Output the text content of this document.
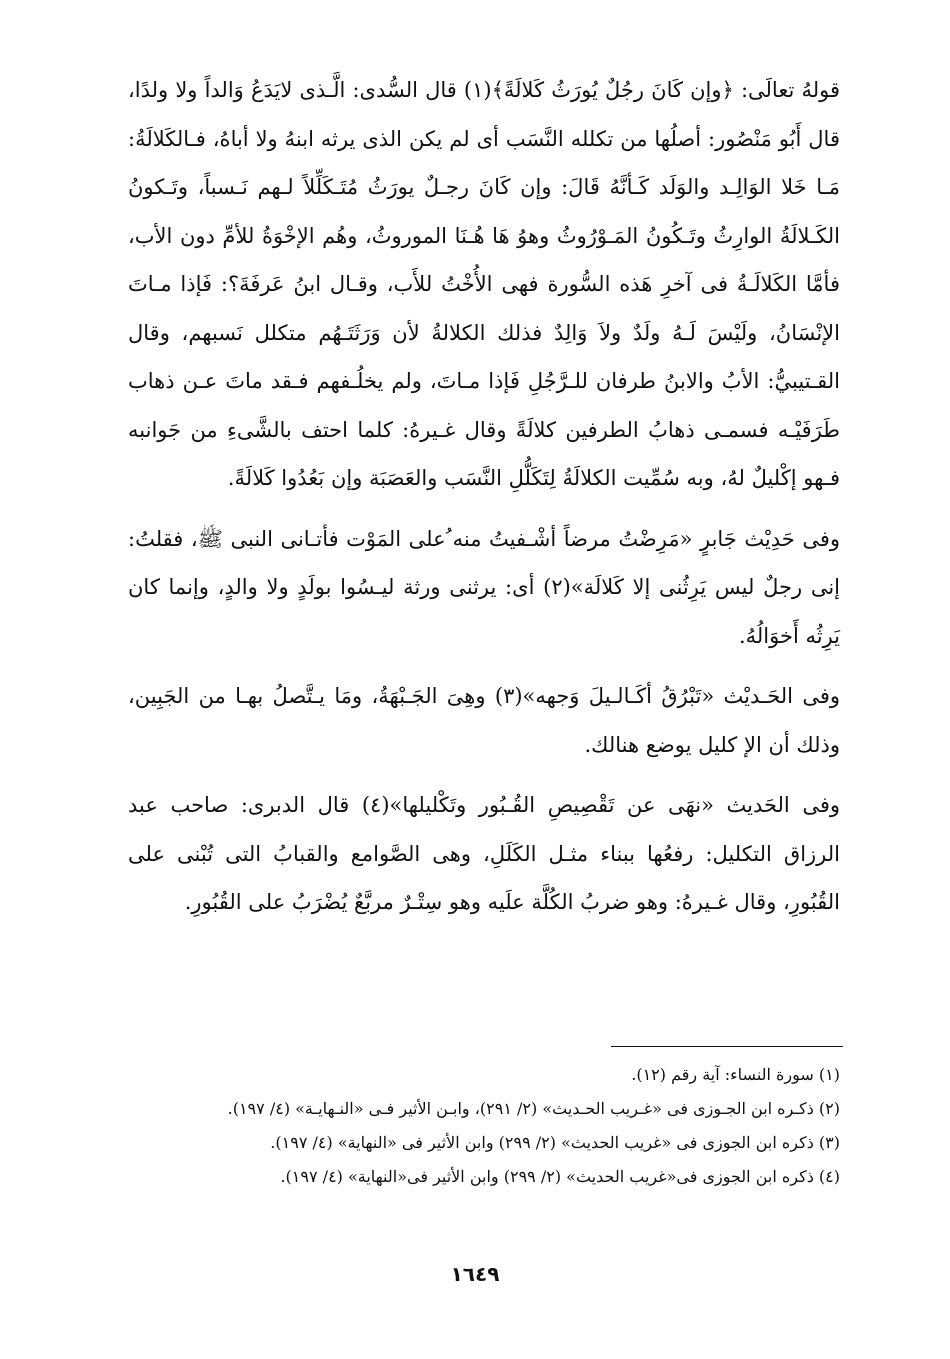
قولهُ تعالَى: ﴿وإن كَانَ رجُلٌ يُورَثُ كَلالَةً﴾(١) قال السُّدى: الَّـذى لايَدَعُ وَالداً ولا ولدًا، قال أَبُو مَنْصُور: أصلُها من تكلله النَّسَب أى لم يكن الذى يرثه ابنهُ ولا أباهُ، فـالكَلالَةُ: مَـا خَلا الوَالِـد والوَلَد كَـأنَّهُ قَالَ: وإن كَانَ رجـلٌ يورَثُ مُتَـكَلِّلاً لـهم نَـسباً، وتَـكونُ الكَـلالَةُ الوارِثُ وتَـكُونُ المَـوْرُوثُ وهوُ هَا هُـنَا الموروثُ، وهُم الإخْوَةُ للأمِّ دون الأب، فأمَّا الكَلالَـةُ فى آخرِ هَذه السُّورة فهى الأُخْتُ للأَب، وقـال ابنُ عَرفَةَ؟: فَإذا مـاتَ الإنْسَانُ، ولَيْسَ لَـهُ ولَدٌ ولاَ وَالِدٌ فذلك الكلالةُ لأن وَرَثَتَـهُم متكلل نَسبهم، وقال القـتيبيُّ: الأبُ والابنُ طرفان للـرَّجُلِ فَإذا مـاتَ، ولم يخلُـفهم فـقد ماتَ عـن ذهاب طَرَفَيْـه فسمـى ذهابُ الطرفين كلالَةً وقال غـيرهُ: كلما احتف بالشَّىءِ من جَوانبه فـهو إكْليلٌ لهُ، وبه سُمِّيت الكلالَةُ لِتَكَلُّلِ النَّسَب والعَصَبَة وإن بَعُدُوا كَلالَةً.

وفى حَدِيْث جَابرٍ «مَرِضْتُ مرضاً أشْـفيتُ منه ُعلى المَوْت فأتـانى النبى ﷺ، فقلتُ: إنى رجلٌ ليس يَرِثُنى إلا كَلالَة»(٢) أى: يرثنى ورثة ليـسُوا بولَدٍ ولا والدٍ، وإنما كان يَرِثُه أَخوَالُهُ.

وفى الحَـديْث «تَبْرُقُ أكَـالـيلَ وَجهه»(٣) وهِىَ الجَـبْهَةُ، ومَا يـتَّصلُ بهـا من الجَبِين، وذلك أن الإ كليل يوضع هنالك.

وفى الحَديث «نهَى عن تَقْصِيصِ القُـبُور وتَكْليلها»(٤) قال الدبرى: صاحب عبد الرزاق التكليل: رفعُها ببناء مثـل الكَلَلِ، وهى الصَّوامع والقبابُ التى تُبْنى على القُبُورِ، وقال غـيرهُ: وهو ضربُ الكُلَّة علَيه وهو سِتْـرٌ مربَّعٌ يُضْرَبُ على القُبُورِ.

(١) سورة النساء: آية رقم (١٢).

(٢) ذكـره ابن الجـوزى فى «غـريب الحـديث» (٢/ ٢٩١)، وابـن الأثير فـى «النـهايـة» (٤/ ١٩٧).

(٣) ذكره ابن الجوزى فى «غريب الحديث» (٢/ ٢٩٩) وابن الأثير فى «النهاية» (٤/ ١٩٧).

(٤) ذكره ابن الجوزى فى«غريب الحديث» (٢/ ٢٩٩) وابن الأثير فى«النهاية» (٤/ ١٩٧).

١٦٤٩
